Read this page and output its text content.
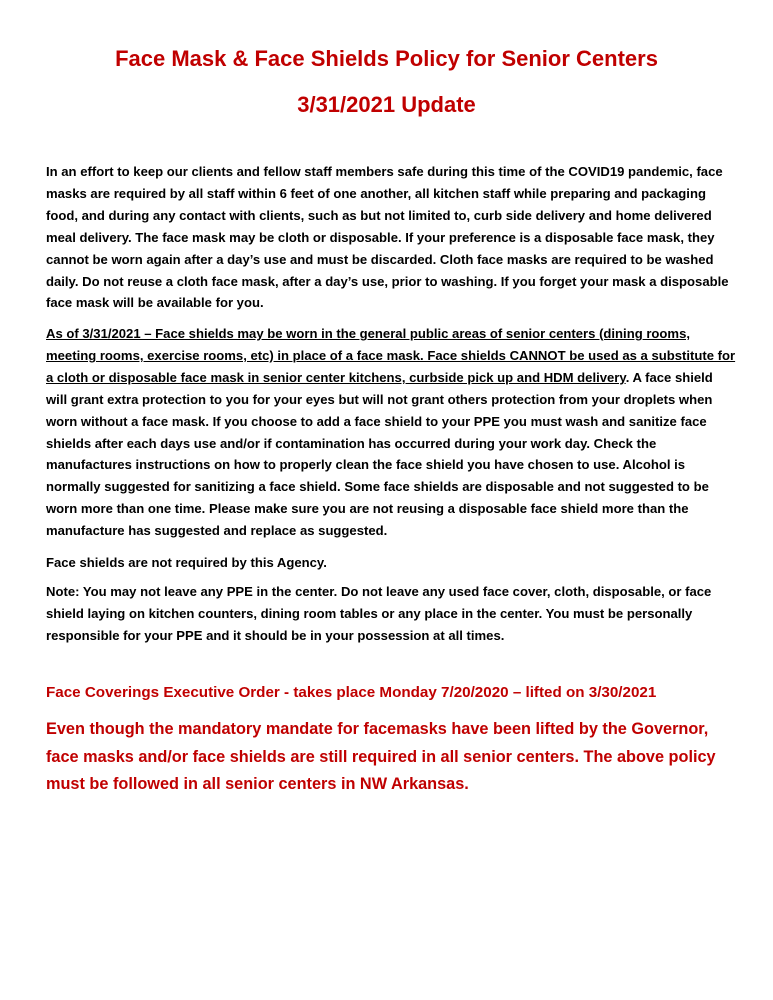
Face Mask & Face Shields Policy for Senior Centers
3/31/2021 Update

In an effort to keep our clients and fellow staff members safe during this time of the COVID19 pandemic, face masks are required by all staff within 6 feet of one another, all kitchen staff while preparing and packaging food, and during any contact with clients, such as but not limited to, curb side delivery and home delivered meal delivery. The face mask may be cloth or disposable. If your preference is a disposable face mask, they cannot be worn again after a day’s use and must be discarded. Cloth face masks are required to be washed daily. Do not reuse a cloth face mask, after a day’s use, prior to washing. If you forget your mask a disposable face mask will be available for you.

As of 3/31/2021 – Face shields may be worn in the general public areas of senior centers (dining rooms, meeting rooms, exercise rooms, etc) in place of a face mask. Face shields CANNOT be used as a substitute for a cloth or disposable face mask in senior center kitchens, curbside pick up and HDM delivery. A face shield will grant extra protection to you for your eyes but will not grant others protection from your droplets when worn without a face mask. If you choose to add a face shield to your PPE you must wash and sanitize face shields after each days use and/or if contamination has occurred during your work day. Check the manufactures instructions on how to properly clean the face shield you have chosen to use. Alcohol is normally suggested for sanitizing a face shield. Some face shields are disposable and not suggested to be worn more than one time. Please make sure you are not reusing a disposable face shield more than the manufacture has suggested and replace as suggested.

Face shields are not required by this Agency.

Note: You may not leave any PPE in the center. Do not leave any used face cover, cloth, disposable, or face shield laying on kitchen counters, dining room tables or any place in the center. You must be personally responsible for your PPE and it should be in your possession at all times.

Face Coverings Executive Order - takes place Monday 7/20/2020 – lifted on 3/30/2021

Even though the mandatory mandate for facemasks have been lifted by the Governor, face masks and/or face shields are still required in all senior centers. The above policy must be followed in all senior centers in NW Arkansas.
